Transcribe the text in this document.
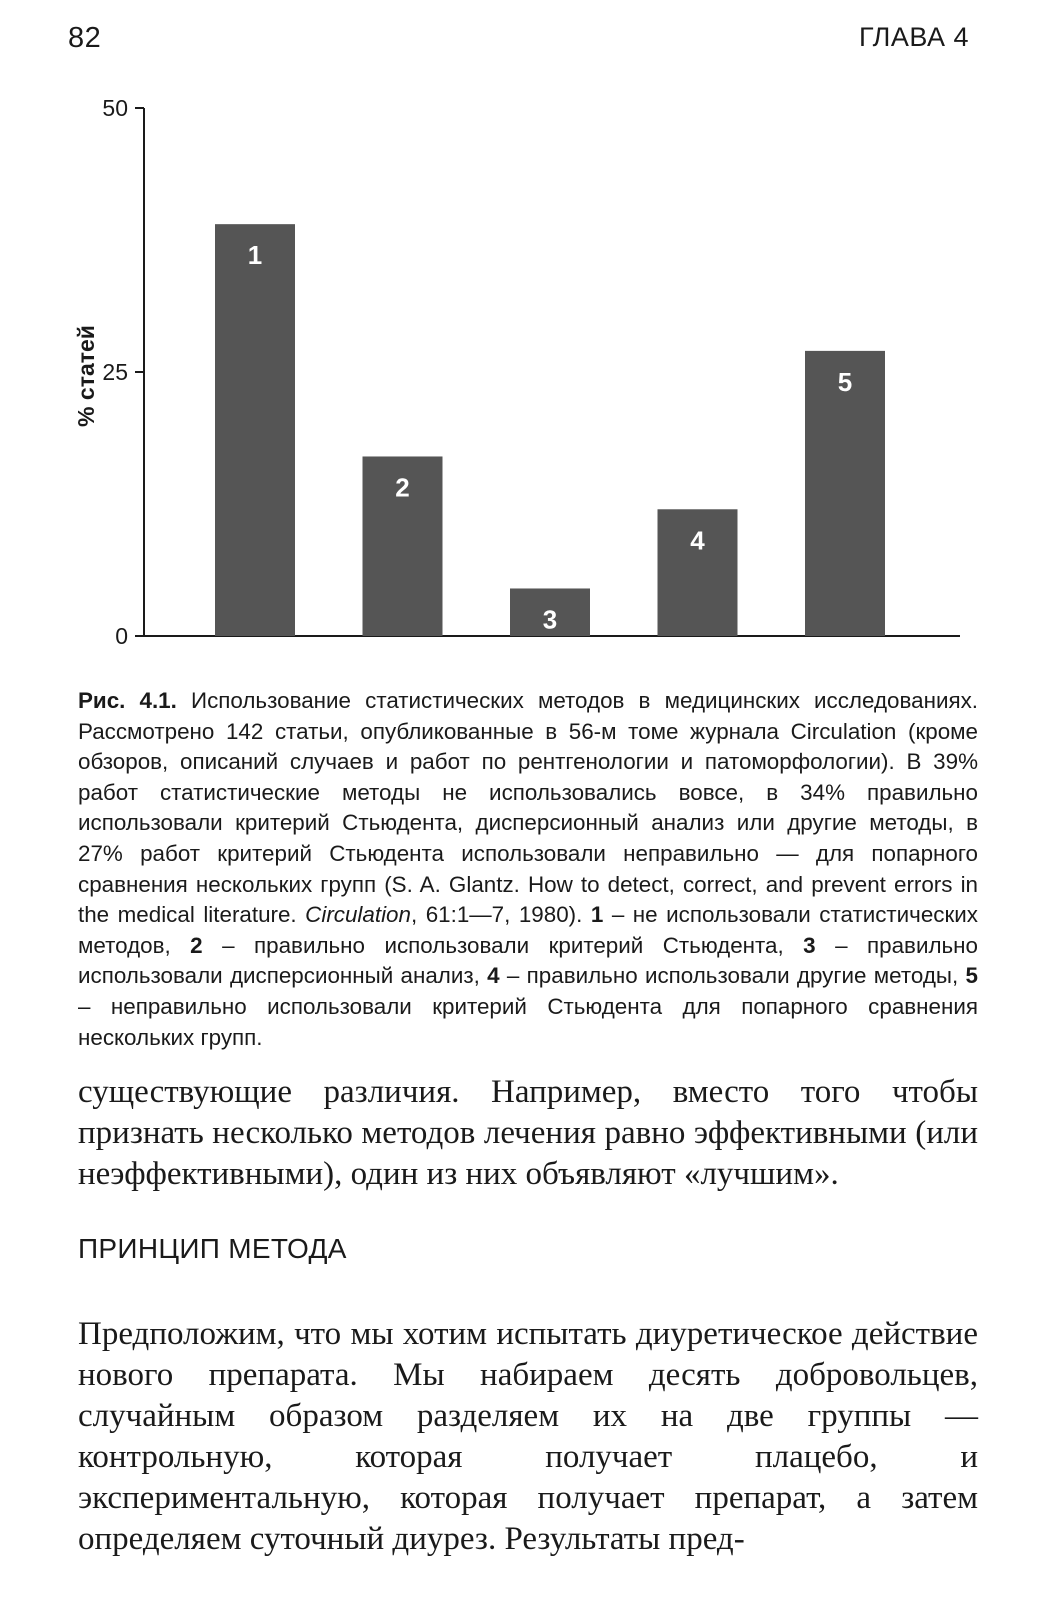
82	ГЛАВА 4
0
25
50
1
2
3
4
5
% статей
Рис. 4.1. Использование статистических методов в медицинских исследованиях. Рассмотрено 142 статьи, опубликованные в 56-м томе журнала Circulation (кроме обзоров, описаний случаев и работ по рентгенологии и патоморфологии). В 39% работ статистические методы не использовались вовсе, в 34% правильно использовали критерий Стьюдента, дисперсионный анализ или другие методы, в 27% работ критерий Стьюдента использовали неправильно — для попарного сравнения нескольких групп (S. A. Glantz. How to detect, correct, and prevent errors in the medical literature. Circulation, 61:1—7, 1980). 1 – не использовали статистических методов, 2 – правильно использовали критерий Стьюдента, 3 – правильно использовали дисперсионный анализ, 4 – правильно использовали другие методы, 5 – неправильно использовали критерий Стьюдента для попарного сравнения нескольких групп.

существующие различия. Например, вместо того чтобы признать несколько методов лечения равно эффективными (или неэффективными), один из них объявляют «лучшим».

ПРИНЦИП МЕТОДА

Предположим, что мы хотим испытать диуретическое действие нового препарата. Мы набираем десять добровольцев, случайным образом разделяем их на две группы — контрольную, которая получает плацебо, и экспериментальную, которая получает препарат, а затем определяем суточный диурез. Результаты пред-
